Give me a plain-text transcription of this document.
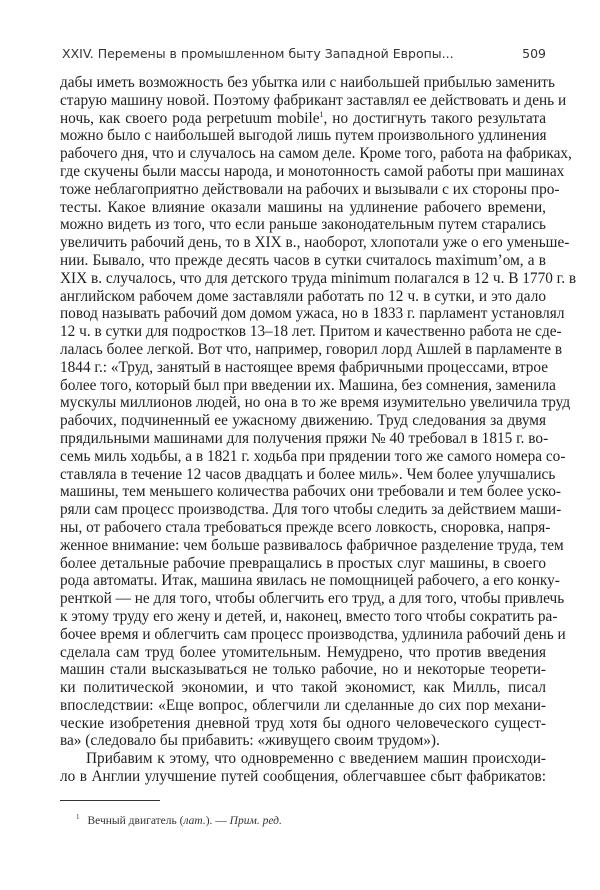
XXIV. Перемены в промышленном быту Западной Европы...	509
дабы иметь возможность без убытка или с наибольшей прибылью заменить
старую машину новой. Поэтому фабрикант заставлял ее действовать и день и
ночь, как своего рода perpetuum mobile$^1$, но достигнуть такого результата
можно было с наибольшей выгодой лишь путем произвольного удлинения
рабочего дня, что и случалось на самом деле. Кроме того, работа на фабриках,
где скучены были массы народа, и монотонность самой работы при машинах
тоже неблагоприятно действовали на рабочих и вызывали с их стороны про-
тесты. Какое влияние оказали машины на удлинение рабочего времени,
можно видеть из того, что если раньше законодательным путем старались
увеличить рабочий день, то в XIX в., наоборот, хлопотали уже о его уменьше-
нии. Бывало, что прежде десять часов в сутки считалось maximum’ом, а в
XIX в. случалось, что для детского труда minimum полагался в 12 ч. В 1770 г. в
английском рабочем доме заставляли работать по 12 ч. в сутки, и это дало
повод называть рабочий дом домом ужаса, но в 1833 г. парламент установлял
12 ч. в сутки для подростков 13–18 лет. Притом и качественно работа не сде-
лалась более легкой. Вот что, например, говорил лорд Ашлей в парламенте в
1844 г.: «Труд, занятый в настоящее время фабричными процессами, втрое
более того, который был при введении их. Машина, без сомнения, заменила
мускулы миллионов людей, но она в то же время изумительно увеличила труд
рабочих, подчиненный ее ужасному движению. Труд следования за двумя
прядильными машинами для получения пряжи № 40 требовал в 1815 г. во-
семь миль ходьбы, а в 1821 г. ходьба при прядении того же самого номера со-
ставляла в течение 12 часов двадцать и более миль». Чем более улучшались
машины, тем меньшего количества рабочих они требовали и тем более уско-
ряли сам процесс производства. Для того чтобы следить за действием маши-
ны, от рабочего стала требоваться прежде всего ловкость, сноровка, напря-
женное внимание: чем больше развивалось фабричное разделение труда, тем
более детальные рабочие превращались в простых слуг машины, в своего
рода автоматы. Итак, машина явилась не помощницей рабочего, а его конку-
ренткой — не для того, чтобы облегчить его труд, а для того, чтобы привлечь
к этому труду его жену и детей, и, наконец, вместо того чтобы сократить ра-
бочее время и облегчить сам процесс производства, удлинила рабочий день и
сделала сам труд более утомительным. Немудрено, что против введения
машин стали высказываться не только рабочие, но и некоторые теорети-
ки политической экономии, и что такой экономист, как Милль, писал
впоследствии: «Еще вопрос, облегчили ли сделанные до сих пор механи-
ческие изобретения дневной труд хотя бы одного человеческого сущест-
ва» (следовало бы прибавить: «живущего своим трудом»).
Прибавим к этому, что одновременно с введением машин происходи-
ло в Англии улучшение путей сообщения, облегчавшее сбыт фабрикатов:
$^1$ Вечный двигатель (лат.). — Прим. ред.
